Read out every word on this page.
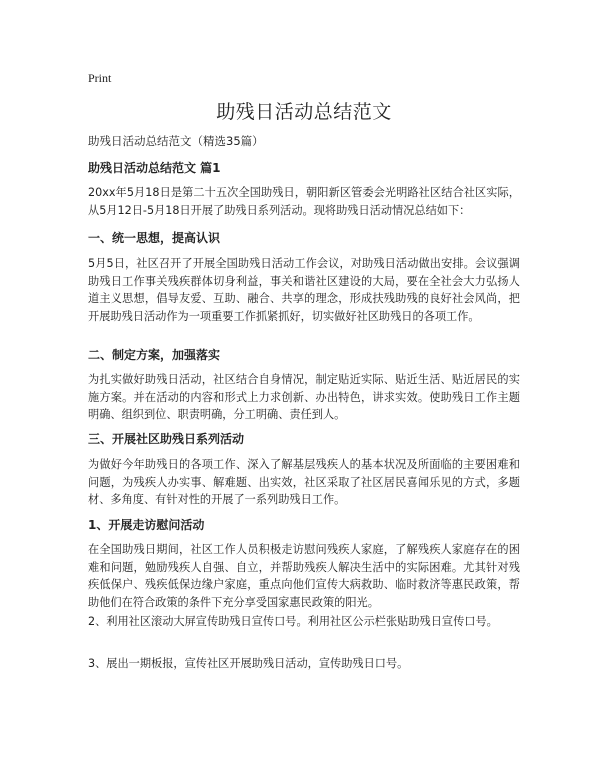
Print
助残日活动总结范文

助残日活动总结范文（精选35篇）

助残日活动总结范文 篇1

20xx年5月18日是第二十五次全国助残日，朝阳新区管委会光明路社区结合社区实际，从5月12日-5月18日开展了助残日系列活动。现将助残日活动情况总结如下：

一、统一思想，提高认识

5月5日，社区召开了开展全国助残日活动工作会议，对助残日活动做出安排。会议强调助残日工作事关残疾群体切身利益，事关和谐社区建设的大局，要在全社会大力弘扬人道主义思想，倡导友爱、互助、融合、共享的理念，形成扶残助残的良好社会风尚，把开展助残日活动作为一项重要工作抓紧抓好，切实做好社区助残日的各项工作。

二、制定方案，加强落实

为扎实做好助残日活动，社区结合自身情况，制定贴近实际、贴近生活、贴近居民的实施方案。并在活动的内容和形式上力求创新、办出特色，讲求实效。使助残日工作主题明确、组织到位、职责明确，分工明确、责任到人。

三、开展社区助残日系列活动

为做好今年助残日的各项工作、深入了解基层残疾人的基本状况及所面临的主要困难和问题，为残疾人办实事、解难题、出实效，社区采取了社区居民喜闻乐见的方式，多题材、多角度、有针对性的开展了一系列助残日工作。

1、开展走访慰问活动

在全国助残日期间，社区工作人员积极走访慰问残疾人家庭，了解残疾人家庭存在的困难和问题，勉励残疾人自强、自立，并帮助残疾人解决生活中的实际困难。尤其针对残疾低保户、残疾低保边缘户家庭，重点向他们宣传大病救助、临时救济等惠民政策，帮助他们在符合政策的条件下充分享受国家惠民政策的阳光。

2、利用社区滚动大屏宣传助残日宣传口号。利用社区公示栏张贴助残日宣传口号。

3、展出一期板报，宣传社区开展助残日活动，宣传助残日口号。
